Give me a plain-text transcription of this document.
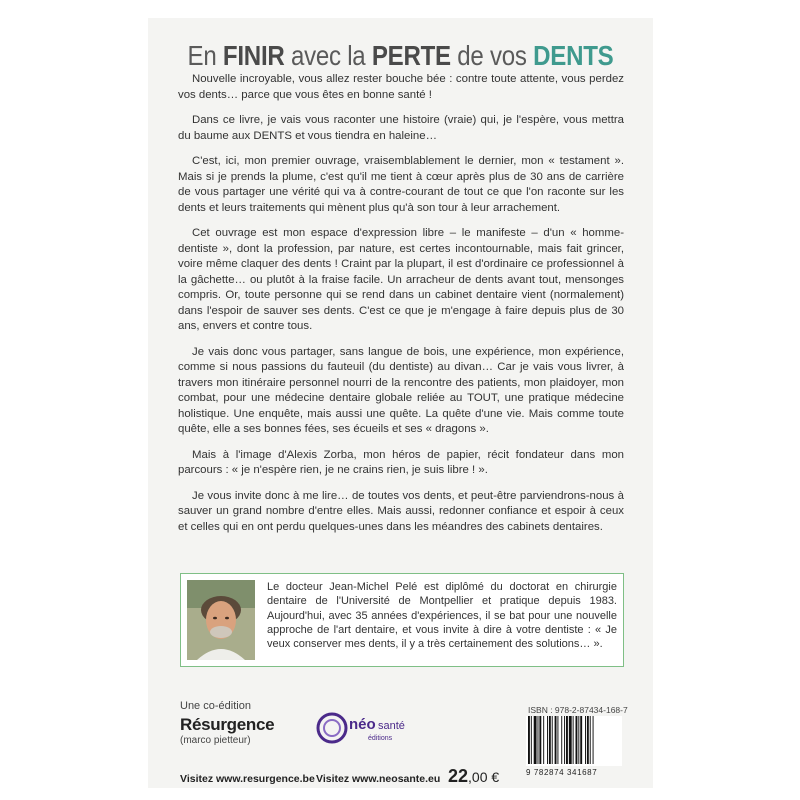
En FINIR avec la PERTE de vos DENTS

Nouvelle incroyable, vous allez rester bouche bée : contre toute attente, vous perdez vos dents… parce que vous êtes en bonne santé !

Dans ce livre, je vais vous raconter une histoire (vraie) qui, je l'espère, vous mettra du baume aux DENTS et vous tiendra en haleine…

C'est, ici, mon premier ouvrage, vraisemblablement le dernier, mon « testament ». Mais si je prends la plume, c'est qu'il me tient à cœur après plus de 30 ans de carrière de vous partager une vérité qui va à contre-courant de tout ce que l'on raconte sur les dents et leurs traitements qui mènent plus qu'à son tour à leur arrachement.

Cet ouvrage est mon espace d'expression libre – le manifeste – d'un « homme-dentiste », dont la profession, par nature, est certes incontournable, mais fait grincer, voire même claquer des dents ! Craint par la plupart, il est d'ordinaire ce professionnel à la gâchette… ou plutôt à la fraise facile. Un arracheur de dents avant tout, mensonges compris. Or, toute personne qui se rend dans un cabinet dentaire vient (normalement) dans l'espoir de sauver ses dents. C'est ce que je m'engage à faire depuis plus de 30 ans, envers et contre tous.

Je vais donc vous partager, sans langue de bois, une expérience, mon expérience, comme si nous passions du fauteuil (du dentiste) au divan… Car je vais vous livrer, à travers mon itinéraire personnel nourri de la rencontre des patients, mon plaidoyer, mon combat, pour une médecine dentaire globale reliée au TOUT, une pratique médecine holistique. Une enquête, mais aussi une quête. La quête d'une vie. Mais comme toute quête, elle a ses bonnes fées, ses écueils et ses « dragons ».

Mais à l'image d'Alexis Zorba, mon héros de papier, récit fondateur dans mon parcours : « je n'espère rien, je ne crains rien, je suis libre ! ».

Je vous invite donc à me lire… de toutes vos dents, et peut-être parviendrons-nous à sauver un grand nombre d'entre elles. Mais aussi, redonner confiance et espoir à ceux et celles qui en ont perdu quelques-unes dans les méandres des cabinets dentaires.

Le docteur Jean-Michel Pelé est diplômé du doctorat en chirurgie dentaire de l'Université de Montpellier et pratique depuis 1983. Aujourd'hui, avec 35 années d'expériences, il se bat pour une nouvelle approche de l'art dentaire, et vous invite à dire à votre dentiste : « Je veux conserver mes dents, il y a très certainement des solutions… ».
Une co-édition
Résurgence
(marco pietteur)
néo santé
éditions
Visitez www.resurgence.be Visitez www.neosante.eu 22,00 €
ISBN : 978-2-87434-168-7
9 782874 341687
